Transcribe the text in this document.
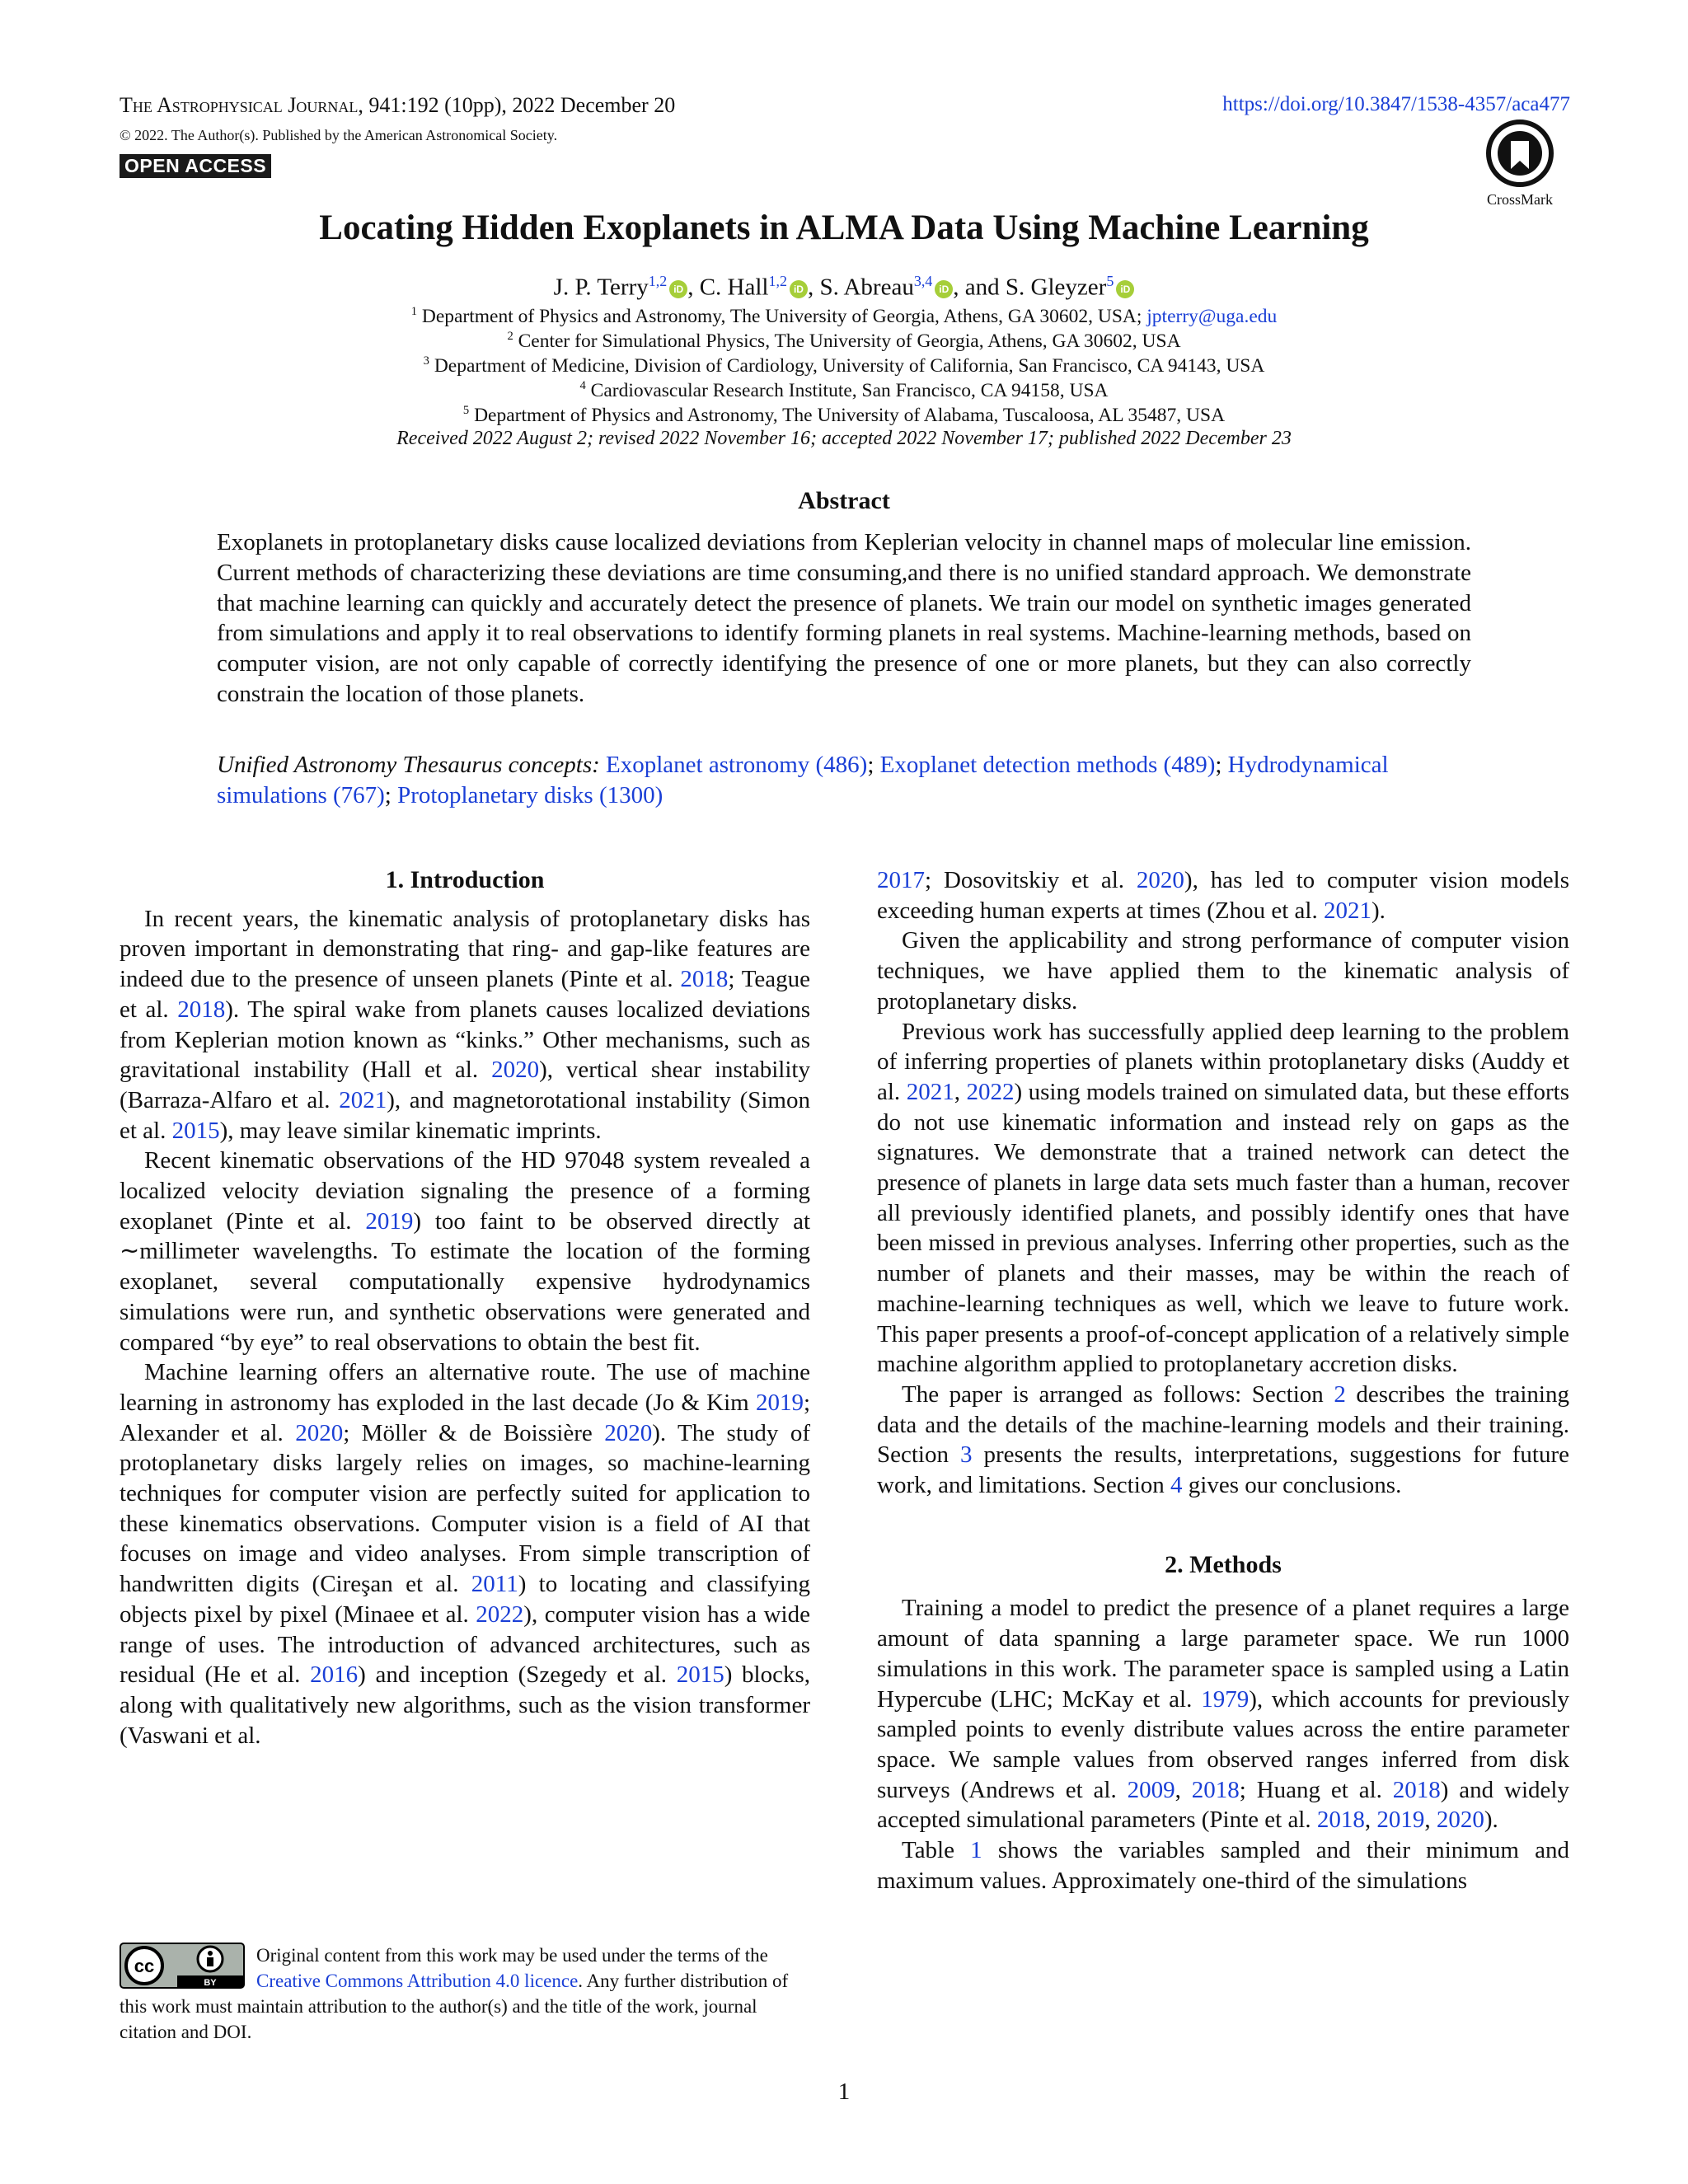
The Astrophysical Journal, 941:192 (10pp), 2022 December 20
© 2022. The Author(s). Published by the American Astronomical Society.
OPEN ACCESS
https://doi.org/10.3847/1538-4357/aca477
CrossMark
Locating Hidden Exoplanets in ALMA Data Using Machine Learning
J. P. Terry$^{1,2}$ iD , C. Hall$^{1,2}$ iD , S. Abreau$^{3,4}$ iD , and S. Gleyzer$^5$ iD
$^1$ Department of Physics and Astronomy, The University of Georgia, Athens, GA 30602, USA; jpterry@uga.edu
$^2$ Center for Simulational Physics, The University of Georgia, Athens, GA 30602, USA
$^3$ Department of Medicine, Division of Cardiology, University of California, San Francisco, CA 94143, USA
$^4$ Cardiovascular Research Institute, San Francisco, CA 94158, USA
$^5$ Department of Physics and Astronomy, The University of Alabama, Tuscaloosa, AL 35487, USA
Received 2022 August 2; revised 2022 November 16; accepted 2022 November 17; published 2022 December 23
Abstract
Exoplanets in protoplanetary disks cause localized deviations from Keplerian velocity in channel maps of molecular line emission. Current methods of characterizing these deviations are time consuming,and there is no unified standard approach. We demonstrate that machine learning can quickly and accurately detect the presence of planets. We train our model on synthetic images generated from simulations and apply it to real observations to identify forming planets in real systems. Machine-learning methods, based on computer vision, are not only capable of correctly identifying the presence of one or more planets, but they can also correctly constrain the location of those planets.
Unified Astronomy Thesaurus concepts: Exoplanet astronomy (486); Exoplanet detection methods (489); Hydrodynamical simulations (767); Protoplanetary disks (1300)
1. Introduction

In recent years, the kinematic analysis of protoplanetary disks has proven important in demonstrating that ring- and gap-like features are indeed due to the presence of unseen planets (Pinte et al. 2018; Teague et al. 2018). The spiral wake from planets causes localized deviations from Keplerian motion known as “kinks.” Other mechanisms, such as gravitational instability (Hall et al. 2020), vertical shear instability (Barraza-Alfaro et al. 2021), and magnetorotational instability (Simon et al. 2015), may leave similar kinematic imprints.

Recent kinematic observations of the HD 97048 system revealed a localized velocity deviation signaling the presence of a forming exoplanet (Pinte et al. 2019) too faint to be observed directly at ∼millimeter wavelengths. To estimate the location of the forming exoplanet, several computationally expensive hydrodynamics simulations were run, and synthetic observations were generated and compared “by eye” to real observations to obtain the best fit.

Machine learning offers an alternative route. The use of machine learning in astronomy has exploded in the last decade (Jo & Kim 2019; Alexander et al. 2020; Möller & de Boissière 2020). The study of protoplanetary disks largely relies on images, so machine-learning techniques for computer vision are perfectly suited for application to these kinematics observations. Computer vision is a field of AI that focuses on image and video analyses. From simple transcription of handwritten digits (Cireşan et al. 2011) to locating and classifying objects pixel by pixel (Minaee et al. 2022), computer vision has a wide range of uses. The introduction of advanced architectures, such as residual (He et al. 2016) and inception (Szegedy et al. 2015) blocks, along with qualitatively new algorithms, such as the vision transformer (Vaswani et al.

2017; Dosovitskiy et al. 2020), has led to computer vision models exceeding human experts at times (Zhou et al. 2021).

Given the applicability and strong performance of computer vision techniques, we have applied them to the kinematic analysis of protoplanetary disks.

Previous work has successfully applied deep learning to the problem of inferring properties of planets within protoplanetary disks (Auddy et al. 2021, 2022) using models trained on simulated data, but these efforts do not use kinematic information and instead rely on gaps as the signatures. We demonstrate that a trained network can detect the presence of planets in large data sets much faster than a human, recover all previously identified planets, and possibly identify ones that have been missed in previous analyses. Inferring other properties, such as the number of planets and their masses, may be within the reach of machine-learning techniques as well, which we leave to future work. This paper presents a proof-of-concept application of a relatively simple machine algorithm applied to protoplanetary accretion disks.

The paper is arranged as follows: Section 2 describes the training data and the details of the machine-learning models and their training. Section 3 presents the results, interpretations, suggestions for future work, and limitations. Section 4 gives our conclusions.

2. Methods

Training a model to predict the presence of a planet requires a large amount of data spanning a large parameter space. We run 1000 simulations in this work. The parameter space is sampled using a Latin Hypercube (LHC; McKay et al. 1979), which accounts for previously sampled points to evenly distribute values across the entire parameter space. We sample values from observed ranges inferred from disk surveys (Andrews et al. 2009, 2018; Huang et al. 2018) and widely accepted simulational parameters (Pinte et al. 2018, 2019, 2020).

Table 1 shows the variables sampled and their minimum and maximum values. Approximately one-third of the simulations

cc
BY
Original content from this work may be used under the terms of the Creative Commons Attribution 4.0 licence. Any further distribution of this work must maintain attribution to the author(s) and the title of the work, journal citation and DOI.
1
